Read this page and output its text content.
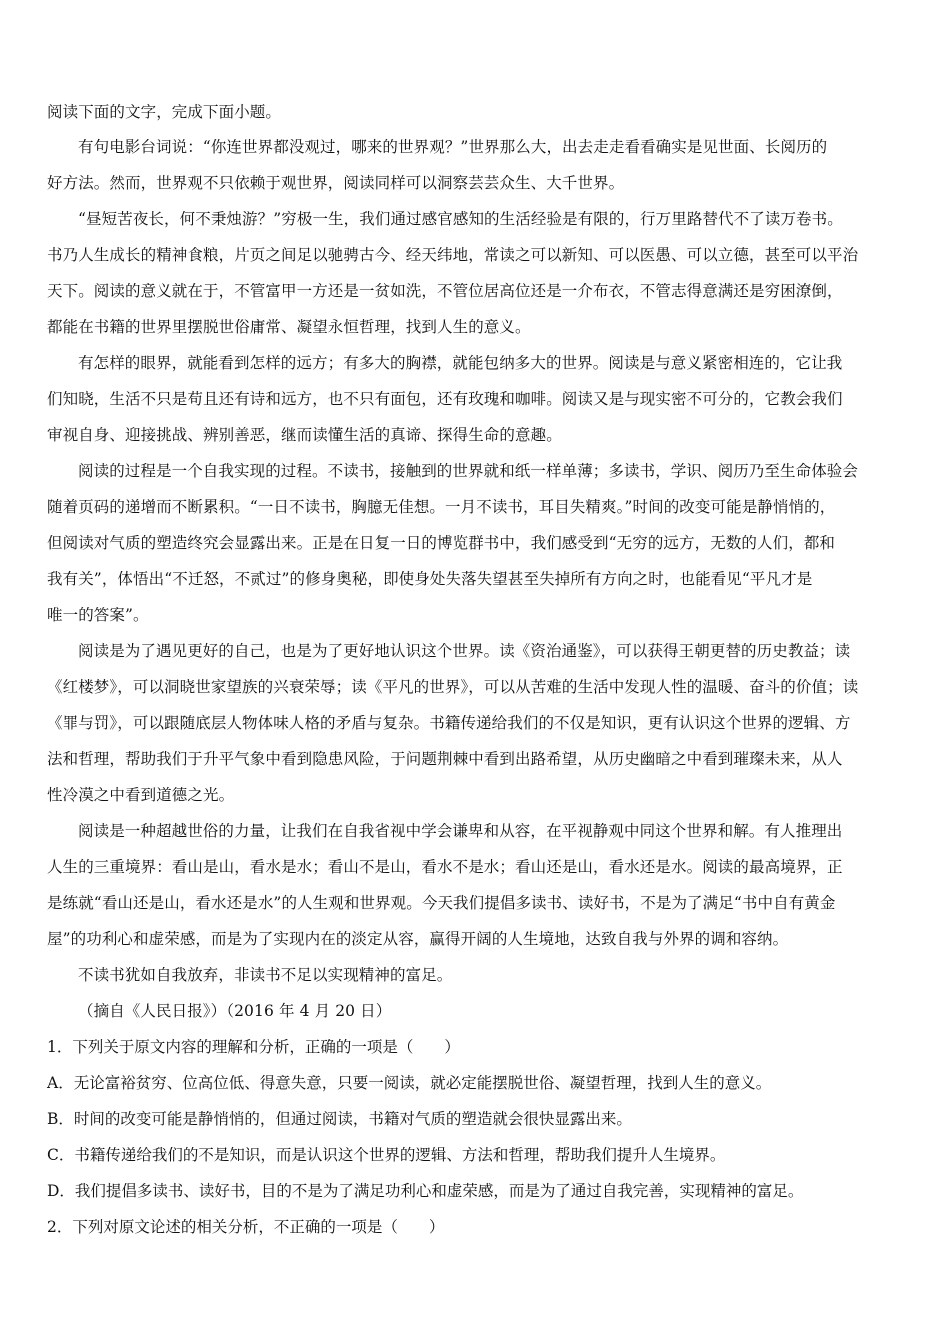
阅读下面的文字，完成下面小题。
有句电影台词说：“你连世界都没观过，哪来的世界观？”世界那么大，出去走走看看确实是见世面、长阅历的
好方法。然而，世界观不只依赖于观世界，阅读同样可以洞察芸芸众生、大千世界。
“昼短苦夜长，何不秉烛游？”穷极一生，我们通过感官感知的生活经验是有限的，行万里路替代不了读万卷书。
书乃人生成长的精神食粮，片页之间足以驰骋古今、经天纬地，常读之可以新知、可以医愚、可以立德，甚至可以平治
天下。阅读的意义就在于，不管富甲一方还是一贫如洗，不管位居高位还是一介布衣，不管志得意满还是穷困潦倒，
都能在书籍的世界里摆脱世俗庸常、凝望永恒哲理，找到人生的意义。
有怎样的眼界，就能看到怎样的远方；有多大的胸襟，就能包纳多大的世界。阅读是与意义紧密相连的，它让我
们知晓，生活不只是苟且还有诗和远方，也不只有面包，还有玫瑰和咖啡。阅读又是与现实密不可分的，它教会我们
审视自身、迎接挑战、辨别善恶，继而读懂生活的真谛、探得生命的意趣。
阅读的过程是一个自我实现的过程。不读书，接触到的世界就和纸一样单薄；多读书，学识、阅历乃至生命体验会
随着页码的递增而不断累积。“一日不读书，胸臆无佳想。一月不读书，耳目失精爽。”时间的改变可能是静悄悄的，
但阅读对气质的塑造终究会显露出来。正是在日复一日的博览群书中，我们感受到“无穷的远方，无数的人们，都和
我有关”，体悟出“不迁怒，不贰过”的修身奥秘，即使身处失落失望甚至失掉所有方向之时，也能看见“平凡才是
唯一的答案”。
阅读是为了遇见更好的自己，也是为了更好地认识这个世界。读《资治通鉴》，可以获得王朝更替的历史教益；读
《红楼梦》，可以洞晓世家望族的兴衰荣辱；读《平凡的世界》，可以从苦难的生活中发现人性的温暖、奋斗的价值；读
《罪与罚》，可以跟随底层人物体味人格的矛盾与复杂。书籍传递给我们的不仅是知识，更有认识这个世界的逻辑、方
法和哲理，帮助我们于升平气象中看到隐患风险，于问题荆棘中看到出路希望，从历史幽暗之中看到璀璨未来，从人
性冷漠之中看到道德之光。
阅读是一种超越世俗的力量，让我们在自我省视中学会谦卑和从容，在平视静观中同这个世界和解。有人推理出
人生的三重境界：看山是山，看水是水；看山不是山，看水不是水；看山还是山，看水还是水。阅读的最高境界，正
是练就“看山还是山，看水还是水”的人生观和世界观。今天我们提倡多读书、读好书，不是为了满足“书中自有黄金
屋”的功利心和虚荣感，而是为了实现内在的淡定从容，赢得开阔的人生境地，达致自我与外界的调和容纳。
不读书犹如自我放弃，非读书不足以实现精神的富足。
（摘自《人民日报》）（2016 年 4 月 20 日）
1．下列关于原文内容的理解和分析，正确的一项是（　　）
A．无论富裕贫穷、位高位低、得意失意，只要一阅读，就必定能摆脱世俗、凝望哲理，找到人生的意义。
B．时间的改变可能是静悄悄的，但通过阅读，书籍对气质的塑造就会很快显露出来。
C．书籍传递给我们的不是知识，而是认识这个世界的逻辑、方法和哲理，帮助我们提升人生境界。
D．我们提倡多读书、读好书，目的不是为了满足功利心和虚荣感，而是为了通过自我完善，实现精神的富足。
2．下列对原文论述的相关分析，不正确的一项是（　　）
